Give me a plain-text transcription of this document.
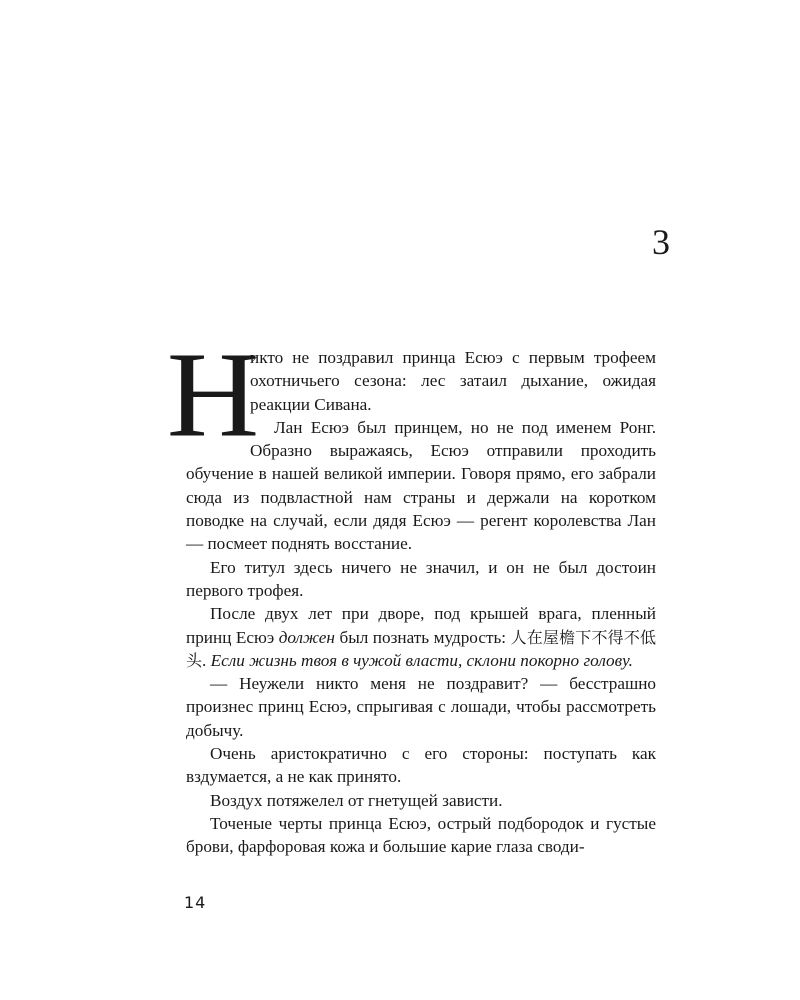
3
Н

икто не поздравил принца Есюэ с первым трофеем охотничьего сезона: лес затаил дыхание, ожидая реакции Сивана.

Лан Есюэ был принцем, но не под именем Ронг. Образно выражаясь, Есюэ отправили проходить обучение в нашей великой империи. Говоря прямо, его забрали сюда из подвластной нам страны и держали на коротком поводке на случай, если дядя Есюэ — регент королевства Лан — посмеет поднять восстание.

Его титул здесь ничего не значил, и он не был достоин первого трофея.

После двух лет при дворе, под крышей врага, пленный принц Есюэ должен был познать мудрость: 人在屋檐下不得不低头. Если жизнь твоя в чужой власти, склони покорно голову.

— Неужели никто меня не поздравит? — бесстрашно произнес принц Есюэ, спрыгивая с лошади, чтобы рассмотреть добычу.

Очень аристократично с его стороны: поступать как вздумается, а не как принято.

Воздух потяжелел от гнетущей зависти.

Точеные черты принца Есюэ, острый подбородок и густые брови, фарфоровая кожа и большие карие глаза своди-

14
